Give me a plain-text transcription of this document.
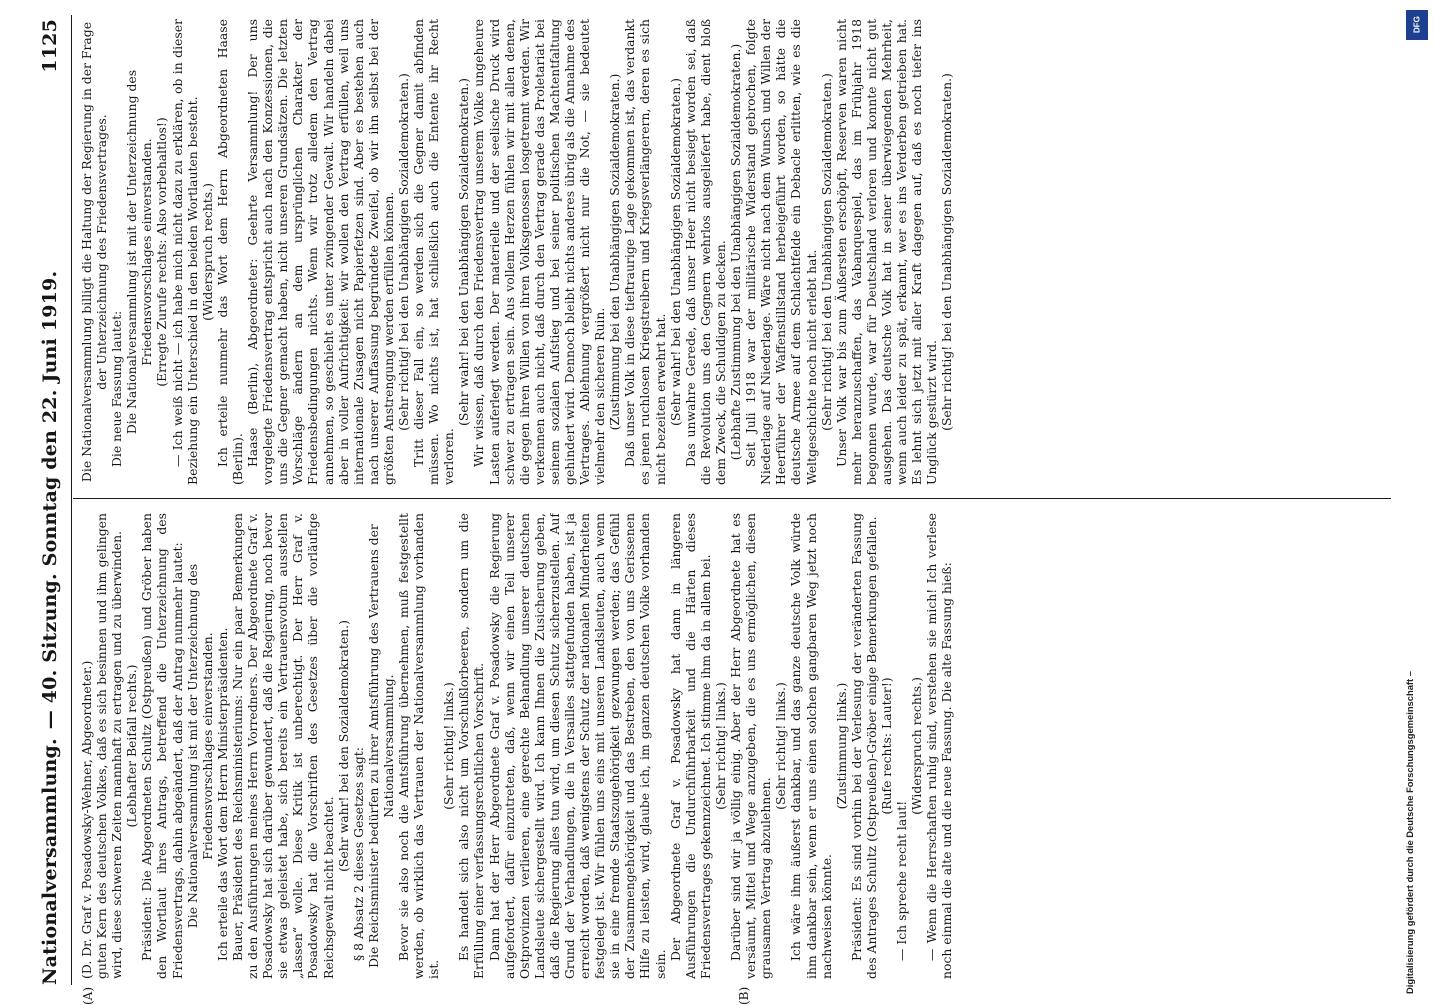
Nationalversammlung.
— 40. Sitzung. Sonntag den 22. Juni 1919.
1125
(A)	(B)

(D. Dr. Graf v. Posadowsky-Wehner, Abgeordneter.) guten Kern des deutschen Volkes, daß es sich besinnen und ihm gelingen wird, diese schweren Zeiten mannhaft zu ertragen und zu überwinden. (Lebhafter Beifall rechts.) Präsident: Die Abgeordneten Schultz (Ostpreußen) und Gröber haben den Wortlaut ihres Antrags, betreffend die Unterzeichnung des Friedensvertrags, dahin abgeändert, daß der Antrag nunmehr lautet: Die Nationalversammlung ist mit der Unterzeichnung des Friedensvorschlages einverstanden. Ich erteile das Wort dem Herrn Ministerpräsidenten. Bauer, Präsident des Reichsministeriums: Nur ein paar Bemerkungen zu den Ausführungen meines Herrn Vorredners. Der Abgeordnete Graf v. Posadowsky hat sich darüber gewundert, daß die Regierung, noch bevor sie etwas geleistet habe, sich bereits ein Vertrauensvotum ausstellen „lassen“ wolle. Diese Kritik ist unberechtigt. Der Herr Graf v. Posadowsky hat die Vorschriften des Gesetzes über die vorläufige Reichsgewalt nicht beachtet.

(Sehr wahr! bei den Sozialdemokraten.) § 8 Absatz 2 dieses Gesetzes sagt: Die Reichsminister bedürfen zu ihrer Amtsführung des Vertrauens der Nationalversammlung. Bevor sie also noch die Amtsführung übernehmen, muß festgestellt werden, ob wirklich das Vertrauen der Nationalversammlung vorhanden ist.

(Sehr richtig! links.) Es handelt sich also nicht um Vorschußlorbeeren, sondern um die Erfüllung einer verfassungsrechtlichen Vorschrift. Dann hat der Herr Abgeordnete Graf v. Posadowsky die Regierung aufgefordert, dafür einzutreten, daß, wenn wir einen Teil unserer Ostprovinzen verlieren, eine gerechte Behandlung unserer deutschen Landsleute sichergestellt wird. Ich kann Ihnen die Zusicherung geben, daß die Regierung alles tun wird, um diesen Schutz sicherzustellen. Auf Grund der Verhandlungen, die in Versailles stattgefunden haben, ist ja erreicht worden, daß wenigstens der Schutz der nationalen Minderheiten festgelegt ist. Wir fühlen uns eins mit unseren Landsleuten, auch wenn sie in eine fremde Staatszugehörigkeit gezwungen werden; das Gefühl der Zusammengehörigkeit und das Bestreben, den von uns Gerissenen Hilfe zu leisten, wird, glaube ich, im ganzen deutschen Volke vorhanden sein.

Der Abgeordnete Graf v. Posadowsky hat dann in längeren Ausführungen die Undurchführbarkeit und die Härten dieses Friedensvertrages gekennzeichnet. Ich stimme ihm da in allem bei. (Sehr richtig! links.) Darüber sind wir ja völlig einig. Aber der Herr Abgeordnete hat es versäumt, Mittel und Wege anzugeben, die es uns ermöglichen, diesen grausamen Vertrag abzulehnen.

(Sehr richtig! links.) Ich wäre ihm äußerst dankbar, und das ganze deutsche Volk würde ihm dankbar sein, wenn er uns einen solchen gangbaren Weg jetzt noch nachweisen könnte.

(Zustimmung links.) Präsident: Es sind vorhin bei der Verlesung der veränderten Fassung des Antrages Schultz (Ostpreußen)-Gröber einige Bemerkungen gefallen. (Rufe rechts: Lauter!)

— Ich spreche recht laut!

(Widerspruch rechts.) — Wenn die Herrschaften ruhig sind, verstehen sie mich! Ich verlese noch einmal die alte und die neue Fassung. Die alte Fassung hieß:

Die Nationalversammlung billigt die Haltung der Regierung in der Frage der Unterzeichnung des Friedensvertrages. Die neue Fassung lautet: Die Nationalversammlung ist mit der Unterzeichnung des Friedensvorschlages einverstanden. (Erregte Zurufe rechts: Also vorbehaltlos!) — Ich weiß nicht — ich habe mich nicht dazu zu erklären, ob in dieser Beziehung ein Unterschied in den beiden Wortlauten besteht. (Widerspruch rechts.) Ich erteile nunmehr das Wort dem Herrn Abgeordneten Haase (Berlin). Haase (Berlin), Abgeordneter: Geehrte Versammlung! Der uns vorgelegte Friedensvertrag entspricht auch nach den Konzessionen, die uns die Gegner gemacht haben, nicht unseren Grundsätzen. Die letzten Vorschläge ändern an dem ursprünglichen Charakter der Friedensbedingungen nichts. Wenn wir trotz alledem den Vertrag annehmen, so geschieht es unter zwingender Gewalt. Wir handeln dabei aber in voller Aufrichtigkeit: wir wollen den Vertrag erfüllen, weil uns internationale Zusagen nicht Papierfetzen sind. Aber es bestehen auch nach unserer Auffassung begründete Zweifel, ob wir ihn selbst bei der größten Anstrengung werden erfüllen können. (Sehr richtig! bei den Unabhängigen Sozialdemokraten.) Tritt dieser Fall ein, so werden sich die Gegner damit abfinden müssen. Wo nichts ist, hat schließlich auch die Entente ihr Recht verloren.

(Sehr wahr! bei den Unabhängigen Sozialdemokraten.) Wir wissen, daß durch den Friedensvertrag unserem Volke ungeheure Lasten auferlegt werden. Der materielle und der seelische Druck wird schwer zu ertragen sein. Aus vollem Herzen fühlen wir mit allen denen, die gegen ihren Willen von ihren Volksgenossen losgetrennt werden. Wir verkennen auch nicht, daß durch den Vertrag gerade das Proletariat bei seinem sozialen Aufstieg und bei seiner politischen Machtentfaltung gehindert wird. Dennoch bleibt nichts anderes übrig als die Annahme des Vertrages. Ablehnung vergrößert nicht nur die Not, — sie bedeutet vielmehr den sicheren Ruin. (Zustimmung bei den Unabhängigen Sozialdemokraten.) Daß unser Volk in diese tieftraurige Lage gekommen ist, das verdankt es jenen ruchlosen Kriegstreibern und Kriegsverlängerern, deren es sich nicht bezeiten erwehrt hat. (Sehr wahr! bei den Unabhängigen Sozialdemokraten.) Das unwahre Gerede, daß unser Heer nicht besiegt worden sei, daß die Revolution uns den Gegnern wehrlos ausgeliefert habe, dient bloß dem Zweck, die Schuldigen zu decken. (Lebhafte Zustimmung bei den Unabhängigen Sozialdemokraten.) Seit Juli 1918 war der militärische Widerstand gebrochen, folgte Niederlage auf Niederlage. Wäre nicht nach dem Wunsch und Willen der Heerführer der Waffenstillstand herbeigeführt worden, so hätte die deutsche Armee auf dem Schlachtfelde ein Debacle erlitten, wie es die Weltgeschichte noch nicht erlebt hat. (Sehr richtig! bei den Unabhängigen Sozialdemokraten.) Unser Volk war bis zum Äußersten erschöpft, Reserven waren nicht mehr heranzuschaffen, das Vabanquespiel, das im Frühjahr 1918 begonnen wurde, war für Deutschland verloren und konnte nicht gut ausgehen. Das deutsche Volk hat in seiner überwiegenden Mehrheit, wenn auch leider zu spät, erkannt, wer es ins Verderben getrieben hat. Es lehnt sich jetzt mit aller Kraft dagegen auf, daß es noch tiefer ins Unglück gestürzt wird. (Sehr richtig! bei den Unabhängigen Sozialdemokraten.)

DFG
Digitalisierung gefördert durch die Deutsche Forschungsgemeinschaft –
